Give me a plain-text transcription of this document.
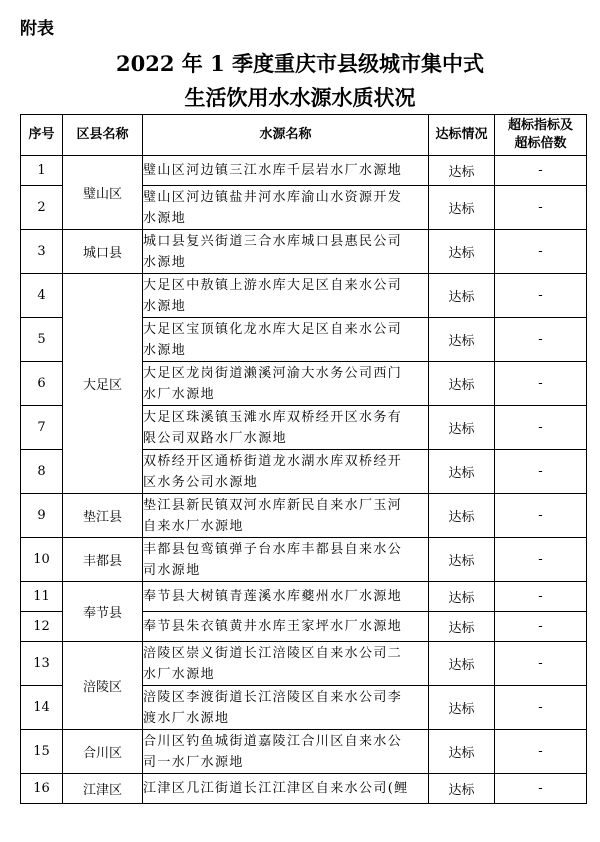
附表
2022 年 1 季度重庆市县级城市集中式
生活饮用水水源水质状况
序号	区县名称	水源名称	达标情况	超标指标及
超标倍数

1	璧山区	璧山区河边镇三江水库千层岩水厂水源地	达标	-
2		璧山区河边镇盐井河水库渝山水资源开发
水源地	达标	-
3	城口县	城口县复兴街道三合水库城口县惠民公司
水源地	达标	-
4	大足区	大足区中敖镇上游水库大足区自来水公司
水源地	达标	-
5		大足区宝顶镇化龙水库大足区自来水公司
水源地	达标	-
6		大足区龙岗街道濑溪河渝大水务公司西门
水厂水源地	达标	-
7		大足区珠溪镇玉滩水库双桥经开区水务有
限公司双路水厂水源地	达标	-
8		双桥经开区通桥街道龙水湖水库双桥经开
区水务公司水源地	达标	-
9	垫江县	垫江县新民镇双河水库新民自来水厂玉河
自来水厂水源地	达标	-
10	丰都县	丰都县包鸾镇弹子台水库丰都县自来水公
司水源地	达标	-
11	奉节县	奉节县大树镇青莲溪水库夔州水厂水源地	达标	-
12		奉节县朱衣镇黄井水库王家坪水厂水源地	达标	-
13	涪陵区	涪陵区崇义街道长江涪陵区自来水公司二
水厂水源地	达标	-
14		涪陵区李渡街道长江涪陵区自来水公司李
渡水厂水源地	达标	-
15	合川区	合川区钓鱼城街道嘉陵江合川区自来水公
司一水厂水源地	达标	-
16	江津区	江津区几江街道长江江津区自来水公司(鲤	达标	-
